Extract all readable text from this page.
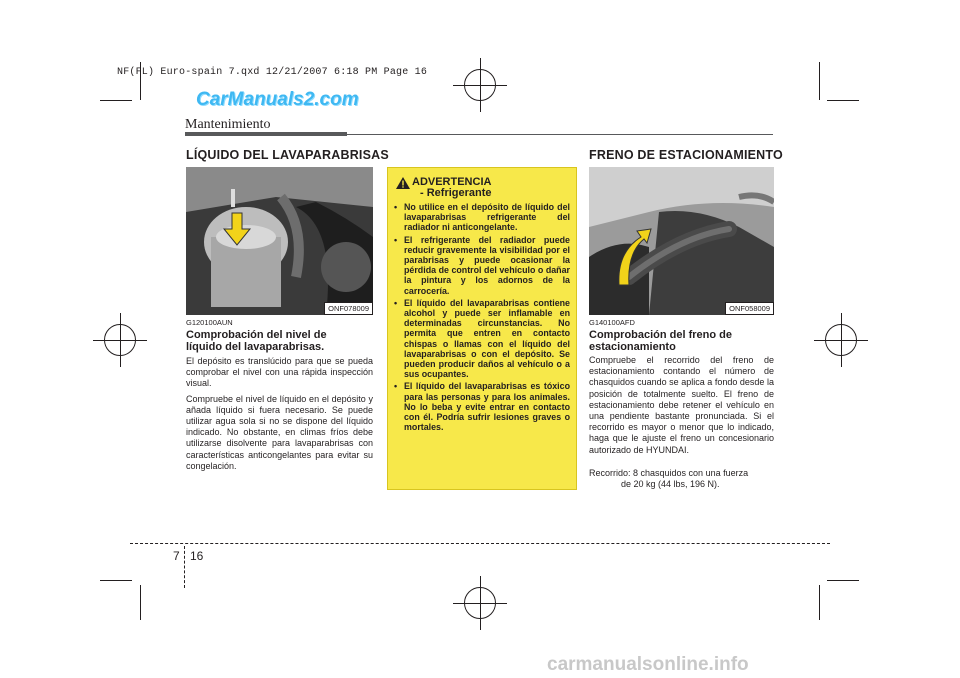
NF(FL) Euro-spain 7.qxd 12/21/2007 6:18 PM Page 16
CarManuals2.com
Mantenimiento
LÍQUIDO DEL LAVAPARABRISAS
ONF078009
G120100AUN
Comprobación del nivel de líquido del lavaparabrisas.

El depósito es translúcido para que se pueda comprobar el nivel con una rápida inspección visual.

Compruebe el nivel de líquido en el depósito y añada líquido si fuera necesario. Se puede utilizar agua sola si no se dispone del líquido indicado. No obstante, en climas fríos debe utilizarse disolvente para lavaparabrisas con características anticongelantes para evitar su congelación.

ADVERTENCIA
- Refrigerante
• No utilice en el depósito de líquido del lavaparabrisas refrigerante del radiador ni anticongelante.
• El refrigerante del radiador puede reducir gravemente la visibilidad por el parabrisas y puede ocasionar la pérdida de control del vehículo o dañar la pintura y los adornos de la carrocería.
• El líquido del lavaparabrisas contiene alcohol y puede ser inflamable en determinadas circunstancias. No permita que entren en contacto chispas o llamas con el líquido del lavaparabrisas o con el depósito. Se pueden producir daños al vehículo o a sus ocupantes.
• El líquido del lavaparabrisas es tóxico para las personas y para los animales. No lo beba y evite entrar en contacto con él. Podría sufrir lesiones graves o mortales.
FRENO DE ESTACIONAMIENTO
ONF058009
G140100AFD
Comprobación del freno de estacionamiento

Compruebe el recorrido del freno de estacionamiento contando el número de chasquidos cuando se aplica a fondo desde la posición de totalmente suelto. El freno de estacionamiento debe retener el vehículo en una pendiente bastante pronunciada. Si el recorrido es mayor o menor que lo indicado, haga que le ajuste el freno un concesionario autorizado de HYUNDAI.

Recorrido: 8 chasquidos con una fuerza
de 20 kg (44 lbs, 196 N).
7 16
carmanualsonline.info
